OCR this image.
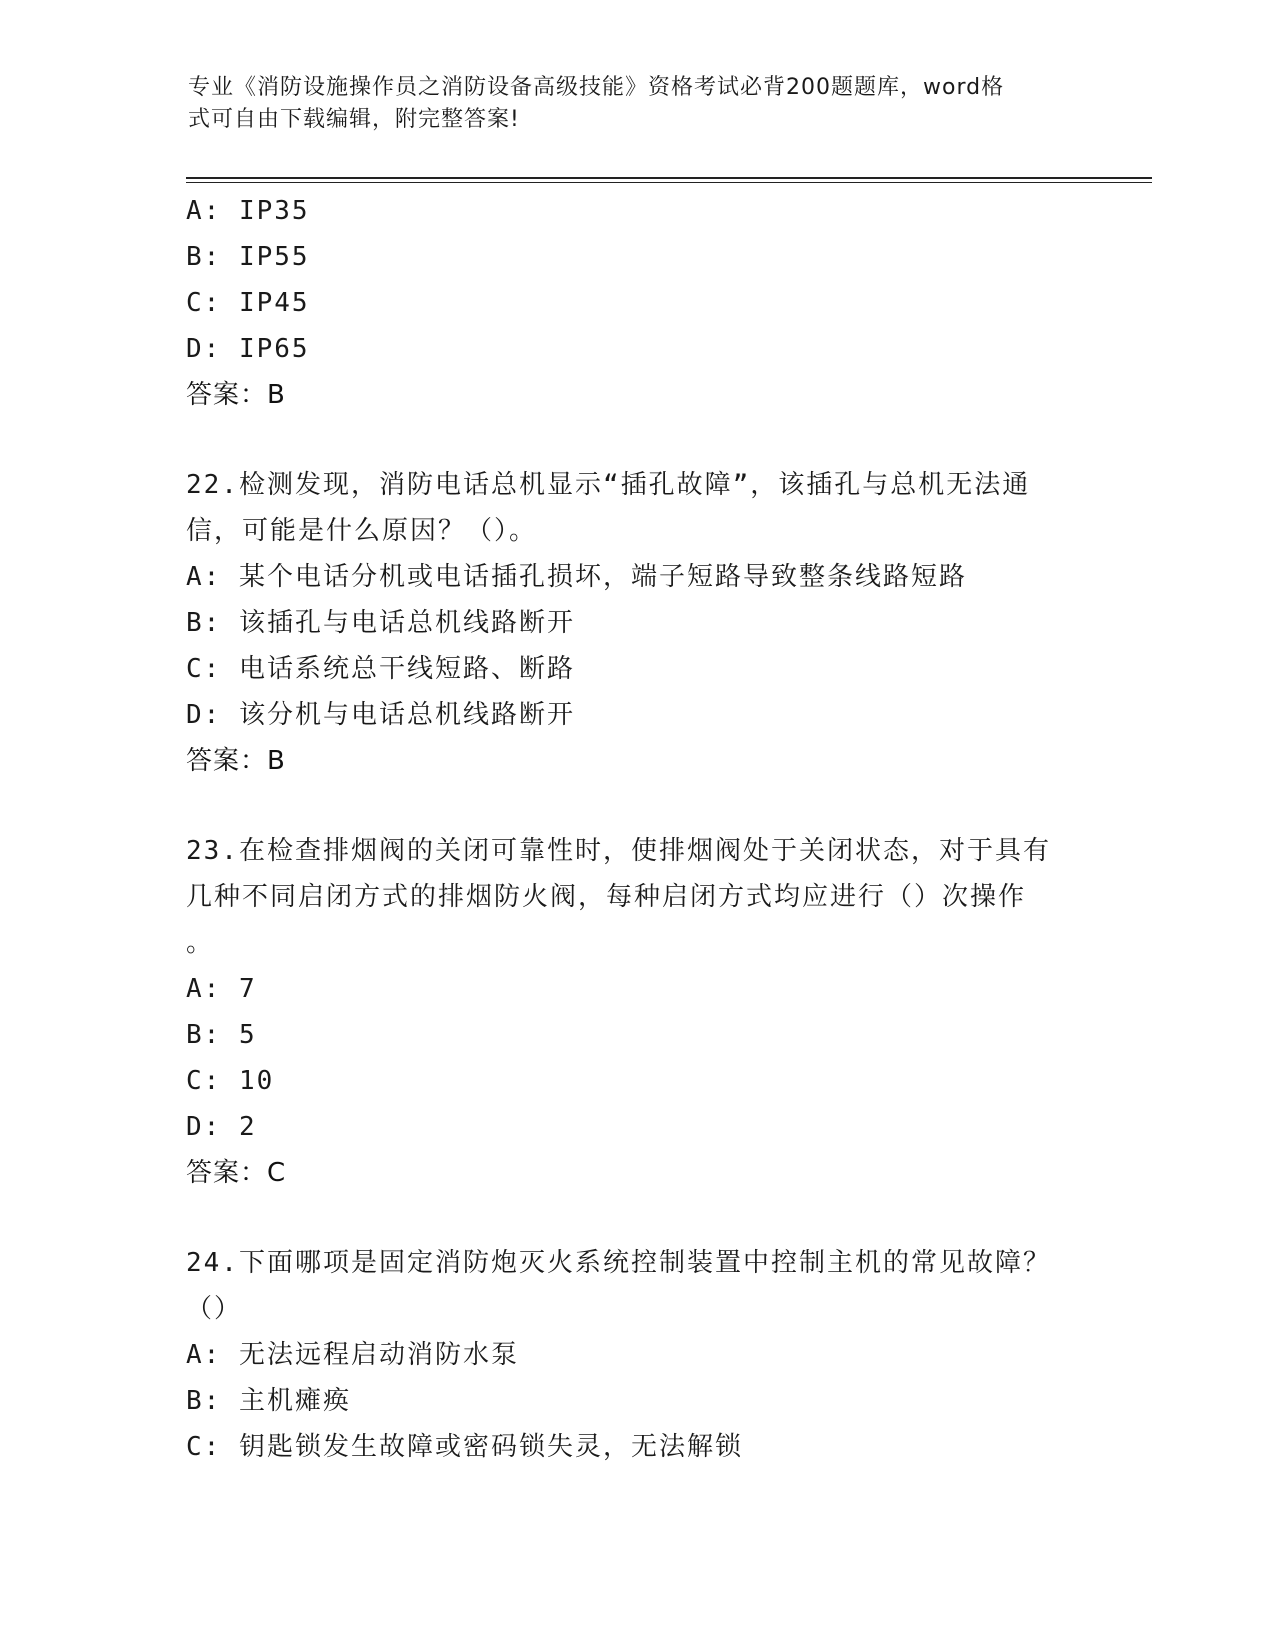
专业《消防设施操作员之消防设备高级技能》资格考试必背200题题库，word格
式可自由下载编辑，附完整答案!
A: IP35
B: IP55
C: IP45
D: IP65
答案：B
22.检测发现，消防电话总机显示“插孔故障”，该插孔与总机无法通
信，可能是什么原因？（）。
A: 某个电话分机或电话插孔损坏，端子短路导致整条线路短路
B: 该插孔与电话总机线路断开
C: 电话系统总干线短路、断路
D: 该分机与电话总机线路断开
答案：B
23.在检查排烟阀的关闭可靠性时，使排烟阀处于关闭状态，对于具有
几种不同启闭方式的排烟防火阀，每种启闭方式均应进行（）次操作
。
A: 7
B: 5
C: 10
D: 2
答案：C
24.下面哪项是固定消防炮灭火系统控制装置中控制主机的常见故障？
（）
A: 无法远程启动消防水泵
B: 主机瘫痪
C: 钥匙锁发生故障或密码锁失灵，无法解锁
